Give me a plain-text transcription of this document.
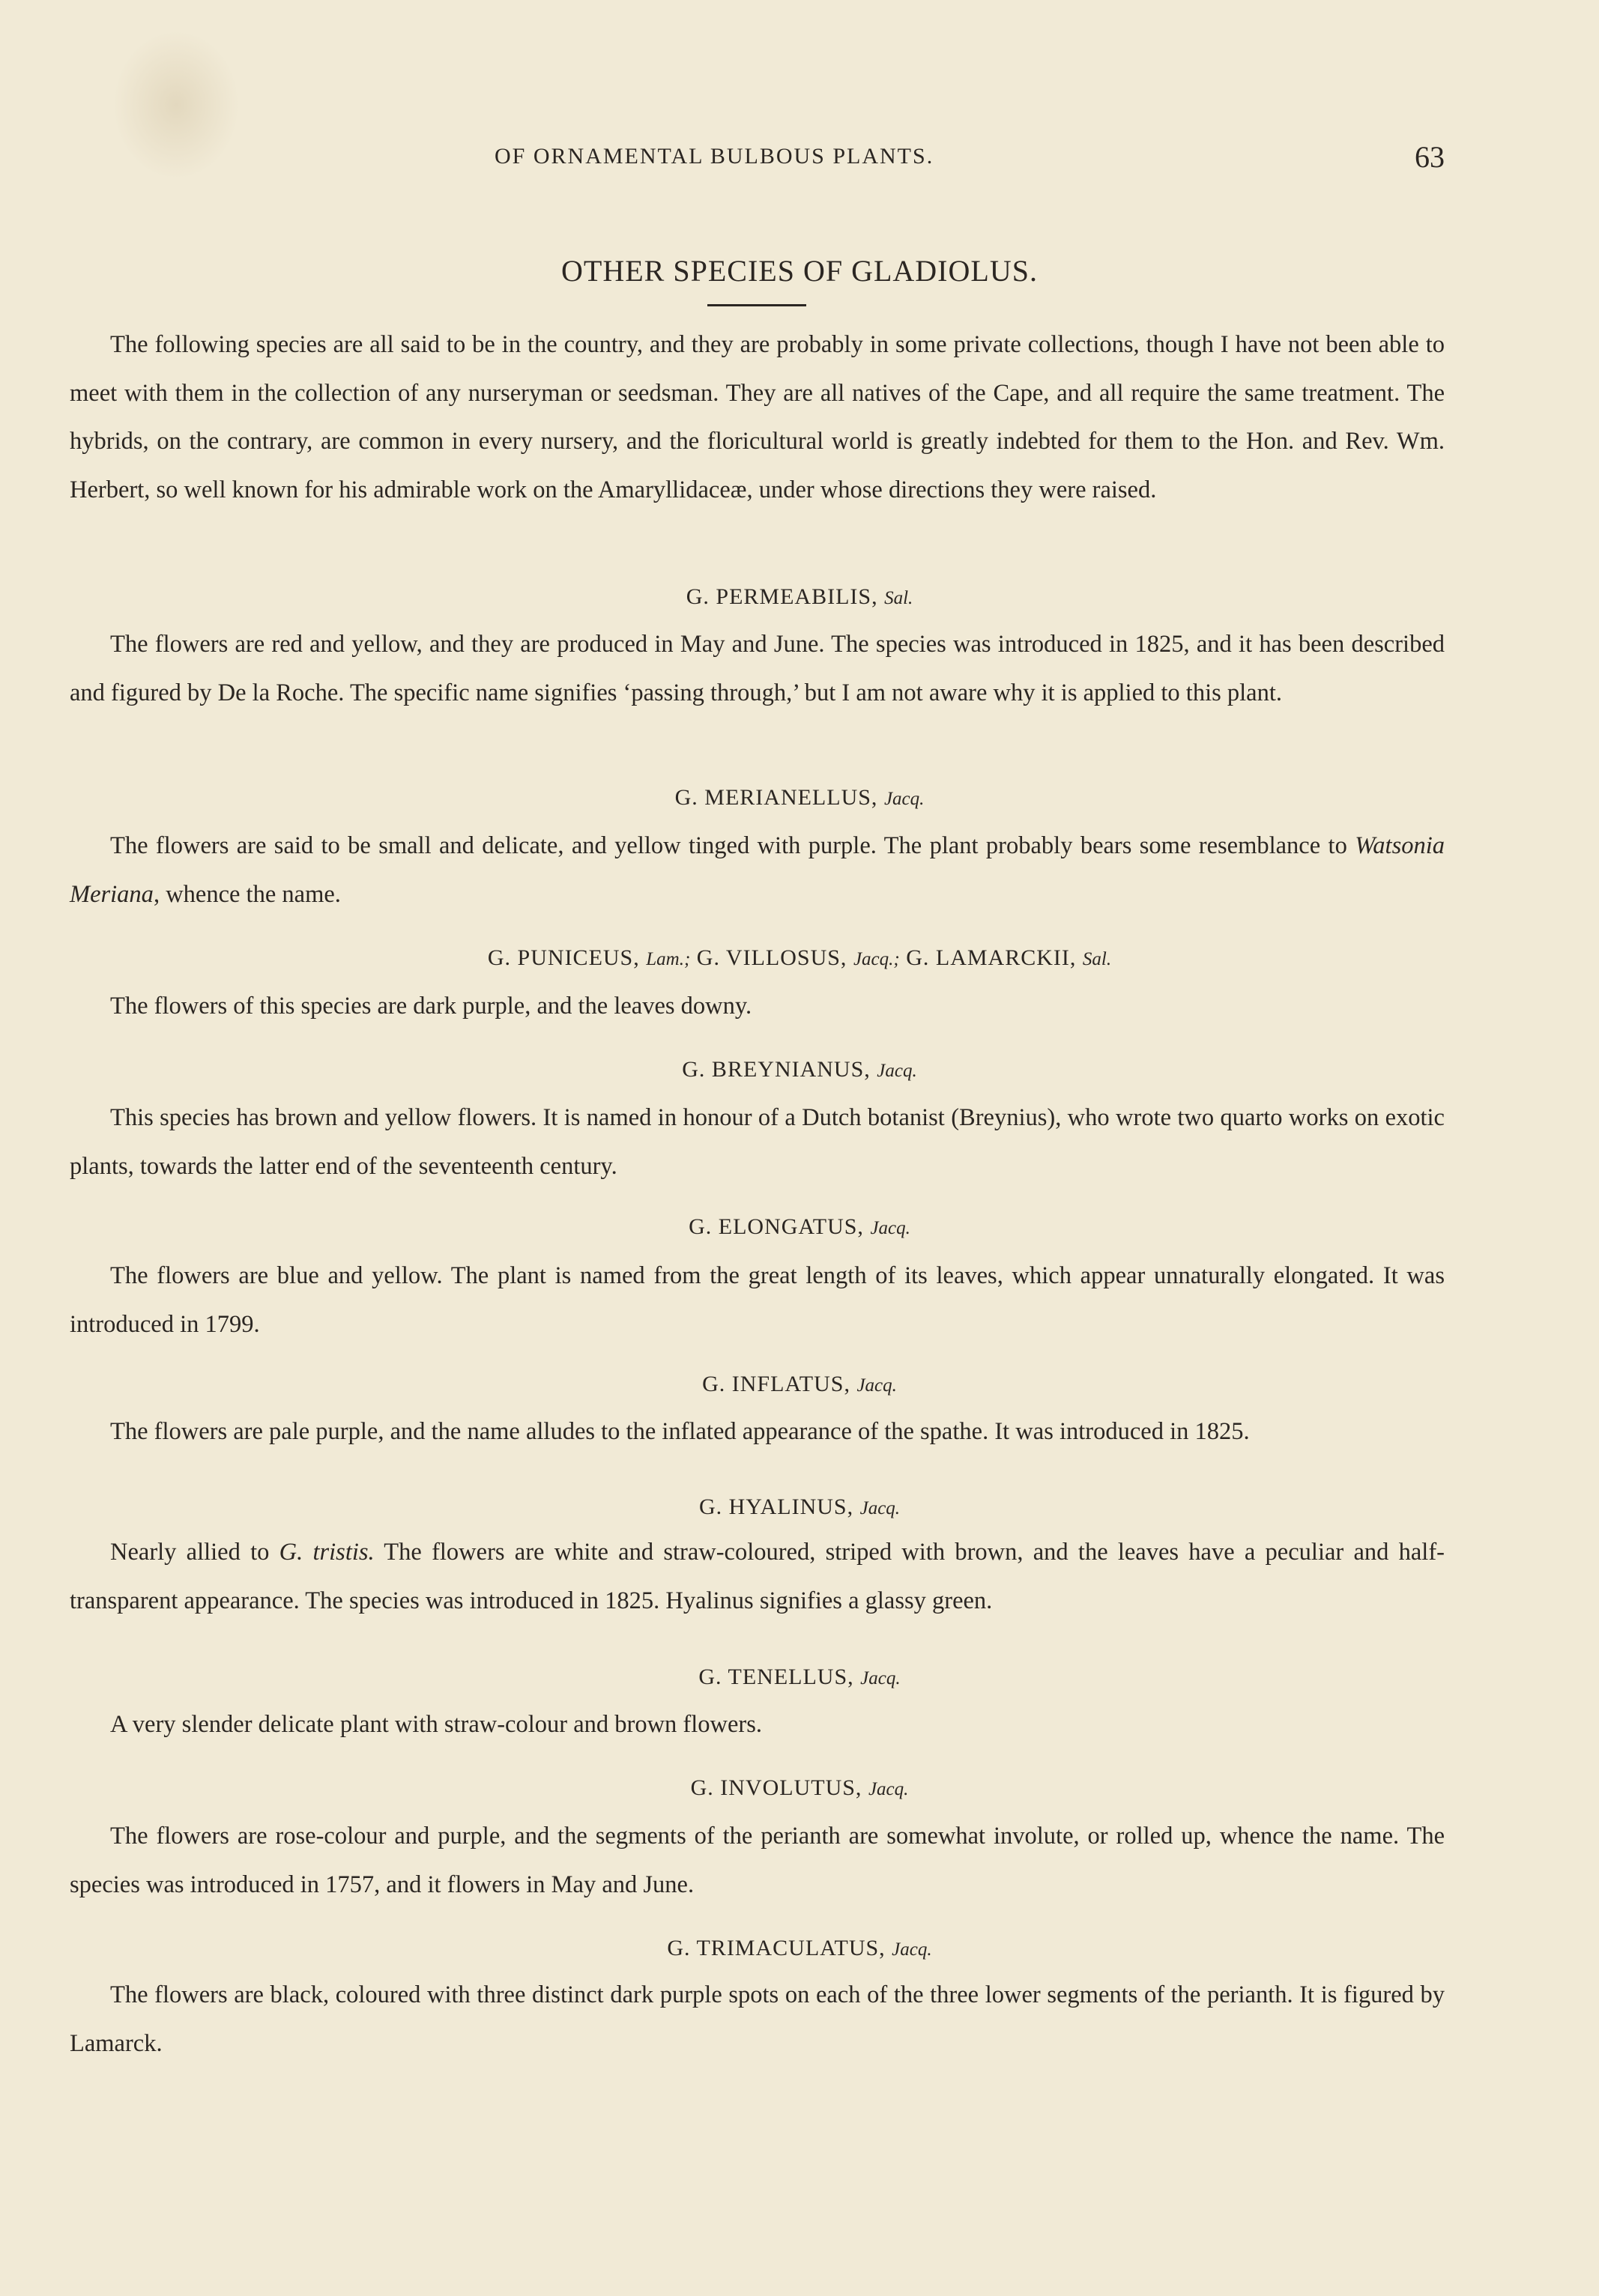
OF ORNAMENTAL BULBOUS PLANTS.	63
OTHER SPECIES OF GLADIOLUS.

The following species are all said to be in the country, and they are probably in some private collections, though I have not been able to meet with them in the collection of any nurseryman or seedsman. They are all natives of the Cape, and all require the same treatment. The hybrids, on the contrary, are common in every nursery, and the floricultural world is greatly indebted for them to the Hon. and Rev. Wm. Herbert, so well known for his admirable work on the Amaryllidaceæ, under whose directions they were raised.

G. PERMEABILIS, Sal.

The flowers are red and yellow, and they are produced in May and June. The species was introduced in 1825, and it has been described and figured by De la Roche. The specific name signifies ‘passing through,’ but I am not aware why it is applied to this plant.

G. MERIANELLUS, Jacq.

The flowers are said to be small and delicate, and yellow tinged with purple. The plant probably bears some resemblance to Watsonia Meriana, whence the name.

G. PUNICEUS, Lam.; G. VILLOSUS, Jacq.; G. LAMARCKII, Sal.

The flowers of this species are dark purple, and the leaves downy.

G. BREYNIANUS, Jacq.

This species has brown and yellow flowers. It is named in honour of a Dutch botanist (Breynius), who wrote two quarto works on exotic plants, towards the latter end of the seventeenth century.

G. ELONGATUS, Jacq.

The flowers are blue and yellow. The plant is named from the great length of its leaves, which appear unnaturally elongated. It was introduced in 1799.

G. INFLATUS, Jacq.

The flowers are pale purple, and the name alludes to the inflated appearance of the spathe. It was introduced in 1825.

G. HYALINUS, Jacq.

Nearly allied to G. tristis. The flowers are white and straw-coloured, striped with brown, and the leaves have a peculiar and half-transparent appearance. The species was introduced in 1825. Hyalinus signifies a glassy green.

G. TENELLUS, Jacq.

A very slender delicate plant with straw-colour and brown flowers.

G. INVOLUTUS, Jacq.

The flowers are rose-colour and purple, and the segments of the perianth are somewhat involute, or rolled up, whence the name. The species was introduced in 1757, and it flowers in May and June.

G. TRIMACULATUS, Jacq.

The flowers are black, coloured with three distinct dark purple spots on each of the three lower segments of the perianth. It is figured by Lamarck.
